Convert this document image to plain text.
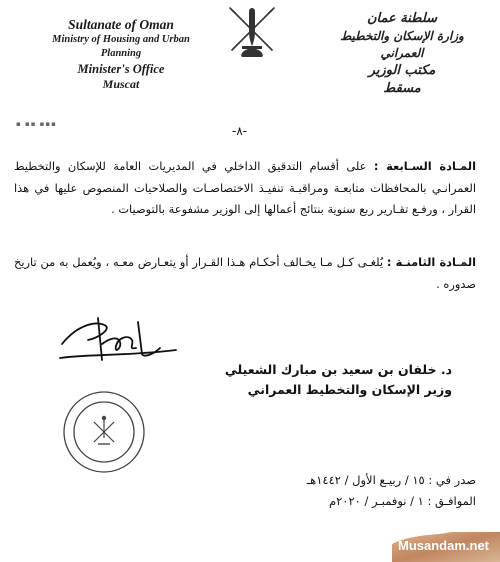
Sultanate of Oman
Ministry of Housing and Urban Planning
Minister's Office
Muscat
▪ ▪▪ ▪▪▪
سلطنة عمان
وزارة الإسكان والتخطيط العمراني
مكتب الوزير
مسقط
-٨-
المـادة السـابعة : على أقسام التدقيق الداخلي في المديريات العامة للإسكان والتخطيط العمرانـي بالمحافظات متابعـة ومراقبـة تنفيـذ الاختصاصـات والصلاحيات المنصوص عليها في هذا القرار ، ورفـع تقـارير ربع سنوية بنتائج أعمالها إلى الوزير مشفوعة بالتوصيات .
المـادة الثامنـة : يُلغـى كـل مـا يخـالف أحكـام هـذا القـرار أو يتعـارض معـه ، ويُعمل به من تاريخ صدوره .
د. خلفان بن سعيد بن مبارك الشعيلي
وزير الإسكان والتخطيط العمراني
صدر في : ١٥ / ربيـع الأول / ١٤٤٢هـ
الموافـق : ١ / نوفمبـر / ٢٠٢٠م
Musandam.net
